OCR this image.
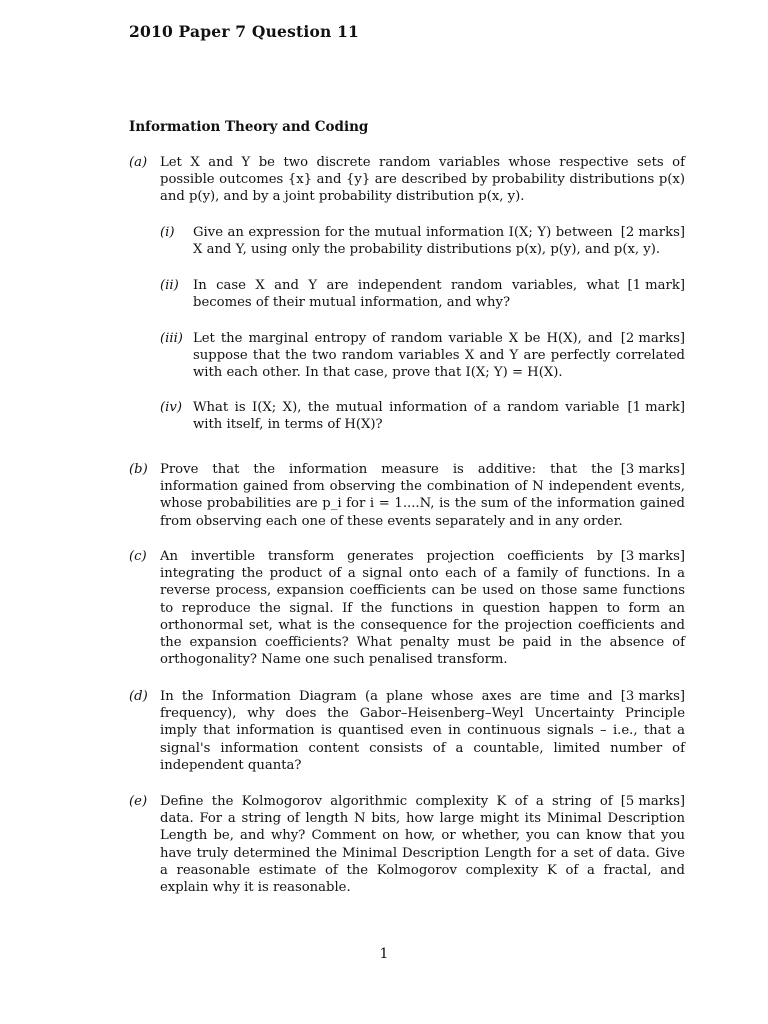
2010 Paper 7 Question 11
Information Theory and Coding
(a) Let X and Y be two discrete random variables whose respective sets of possible outcomes {x} and {y} are described by probability distributions p(x) and p(y), and by a joint probability distribution p(x, y).
(i)	[2 marks]
Give an expression for the mutual information I(X; Y) between X and Y, using only the probability distributions p(x), p(y), and p(x, y).
(ii)	[1 mark]
In case X and Y are independent random variables, what becomes of their mutual information, and why?
(iii)	[2 marks]
Let the marginal entropy of random variable X be H(X), and suppose that the two random variables X and Y are perfectly correlated with each other. In that case, prove that I(X; Y) = H(X).
(iv)	[1 mark]
What is I(X; X), the mutual information of a random variable with itself, in terms of H(X)?
(b)	[3 marks]
Prove that the information measure is additive: that the information gained from observing the combination of N independent events, whose probabilities are p_i for i = 1....N, is the sum of the information gained from observing each one of these events separately and in any order.
(c)	[3 marks]
An invertible transform generates projection coefficients by integrating the product of a signal onto each of a family of functions. In a reverse process, expansion coefficients can be used on those same functions to reproduce the signal. If the functions in question happen to form an orthonormal set, what is the consequence for the projection coefficients and the expansion coefficients? What penalty must be paid in the absence of orthogonality? Name one such penalised transform.
(d)	[3 marks]
In the Information Diagram (a plane whose axes are time and frequency), why does the Gabor–Heisenberg–Weyl Uncertainty Principle imply that information is quantised even in continuous signals – i.e., that a signal's information content consists of a countable, limited number of independent quanta?
(e)	[5 marks]
Define the Kolmogorov algorithmic complexity K of a string of data. For a string of length N bits, how large might its Minimal Description Length be, and why? Comment on how, or whether, you can know that you have truly determined the Minimal Description Length for a set of data. Give a reasonable estimate of the Kolmogorov complexity K of a fractal, and explain why it is reasonable.
1
